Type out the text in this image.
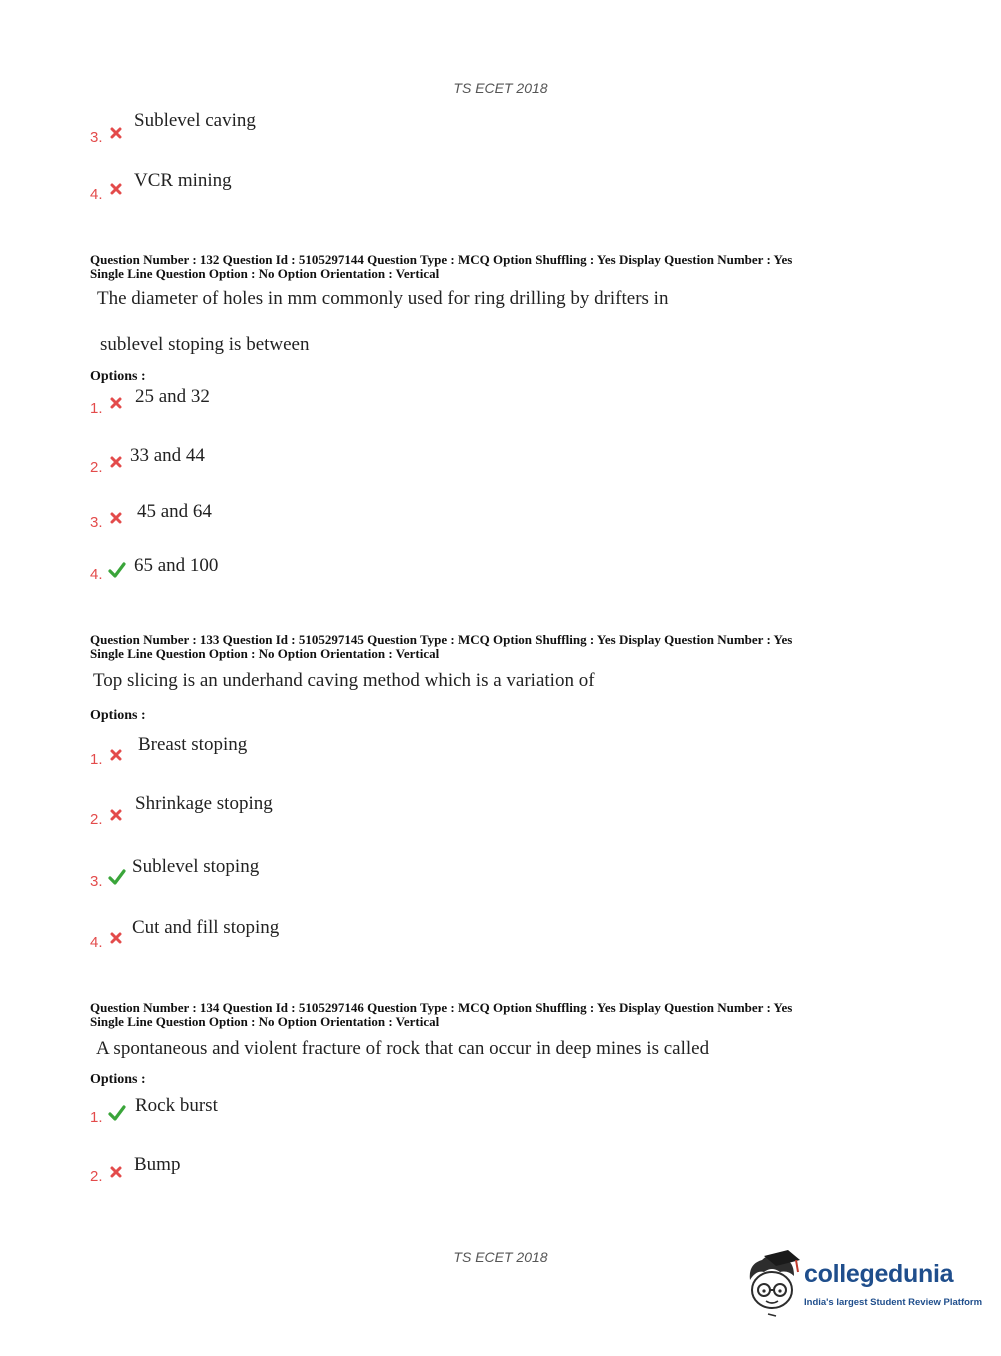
TS ECET 2018
3.
Sublevel caving
4.
VCR mining
Question Number : 132 Question Id : 5105297144 Question Type : MCQ Option Shuffling : Yes Display Question Number : Yes
Single Line Question Option : No Option Orientation : Vertical
The diameter of holes in mm commonly used for ring drilling by drifters in
sublevel stoping is between
Options :
1.
25 and 32
2.
33 and 44
3.
45 and 64
4. 65 and 100
Question Number : 133 Question Id : 5105297145 Question Type : MCQ Option Shuffling : Yes Display Question Number : Yes
Single Line Question Option : No Option Orientation : Vertical
Top slicing is an underhand caving method which is a variation of
Options :
1.
Breast stoping
2.
Shrinkage stoping
3.
Sublevel stoping
4.
Cut and fill stoping
Question Number : 134 Question Id : 5105297146 Question Type : MCQ Option Shuffling : Yes Display Question Number : Yes
Single Line Question Option : No Option Orientation : Vertical
A spontaneous and violent fracture of rock that can occur in deep mines is called
Options :
1.
Rock burst
2.
Bump
TS ECET 2018
collegedunia
India's largest Student Review Platform
